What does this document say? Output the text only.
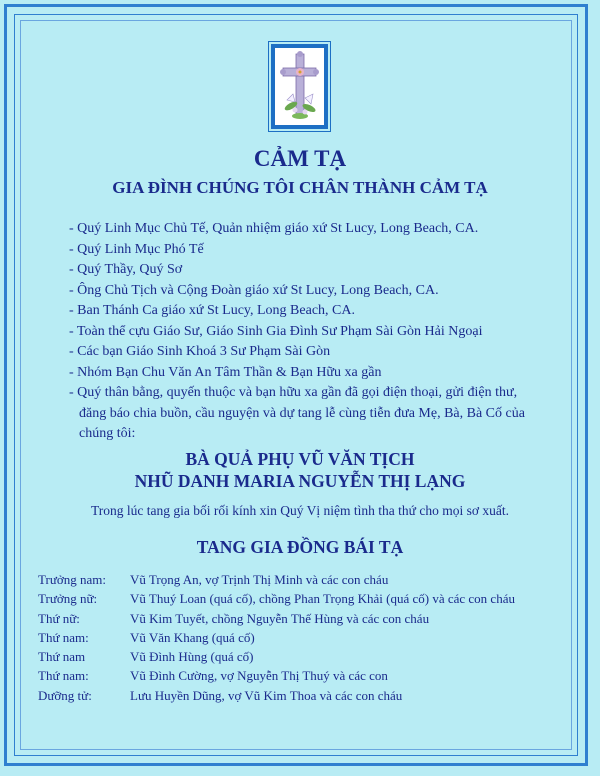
CẢM TẠ
GIA ĐÌNH CHÚNG TÔI CHÂN THÀNH CẢM TẠ
- Quý Linh Mục Chủ Tế, Quản nhiệm giáo xứ St Lucy, Long Beach, CA.
- Quý Linh Mục Phó Tế
- Quý Thầy, Quý Sơ
- Ông Chủ Tịch và Cộng Đoàn giáo xứ St Lucy, Long Beach, CA.
- Ban Thánh Ca giáo xứ St Lucy, Long Beach, CA.
- Toàn thể cựu Giáo Sư, Giáo Sinh Gia Đình Sư Phạm Sài Gòn Hải Ngoại
- Các bạn Giáo Sinh Khoá 3 Sư Phạm Sài Gòn
- Nhóm Bạn Chu Văn An Tâm Thần & Bạn Hữu xa gần
- Quý thân bằng, quyến thuộc và bạn hữu xa gần đã gọi điện thoại, gửi điện thư, đăng báo chia buồn, cầu nguyện và dự tang lễ cùng tiễn đưa Mẹ, Bà, Bà Cố của chúng tôi:
BÀ QUẢ PHỤ VŨ VĂN TỊCH
NHŨ DANH MARIA NGUYỄN THỊ LẠNG
Trong lúc tang gia bối rối kính xin Quý Vị niệm tình tha thứ cho mọi sơ xuất.
TANG GIA ĐỒNG BÁI TẠ
Trưởng nam:	Vũ Trọng An, vợ Trịnh Thị Minh và các con cháu
Trưởng nữ:	Vũ Thuý Loan (quá cố), chồng Phan Trọng Khải (quá cố) và các con cháu
Thứ nữ:	Vũ Kim Tuyết, chồng Nguyễn Thế Hùng và các con cháu
Thứ nam:	Vũ Văn Khang (quá cố)
Thứ nam	Vũ Đình Hùng (quá cố)
Thứ nam:	Vũ Đình Cường, vợ Nguyễn Thị Thuý và các con
Dưỡng tử:	Lưu Huyền Dũng, vợ Vũ Kim Thoa và các con cháu
